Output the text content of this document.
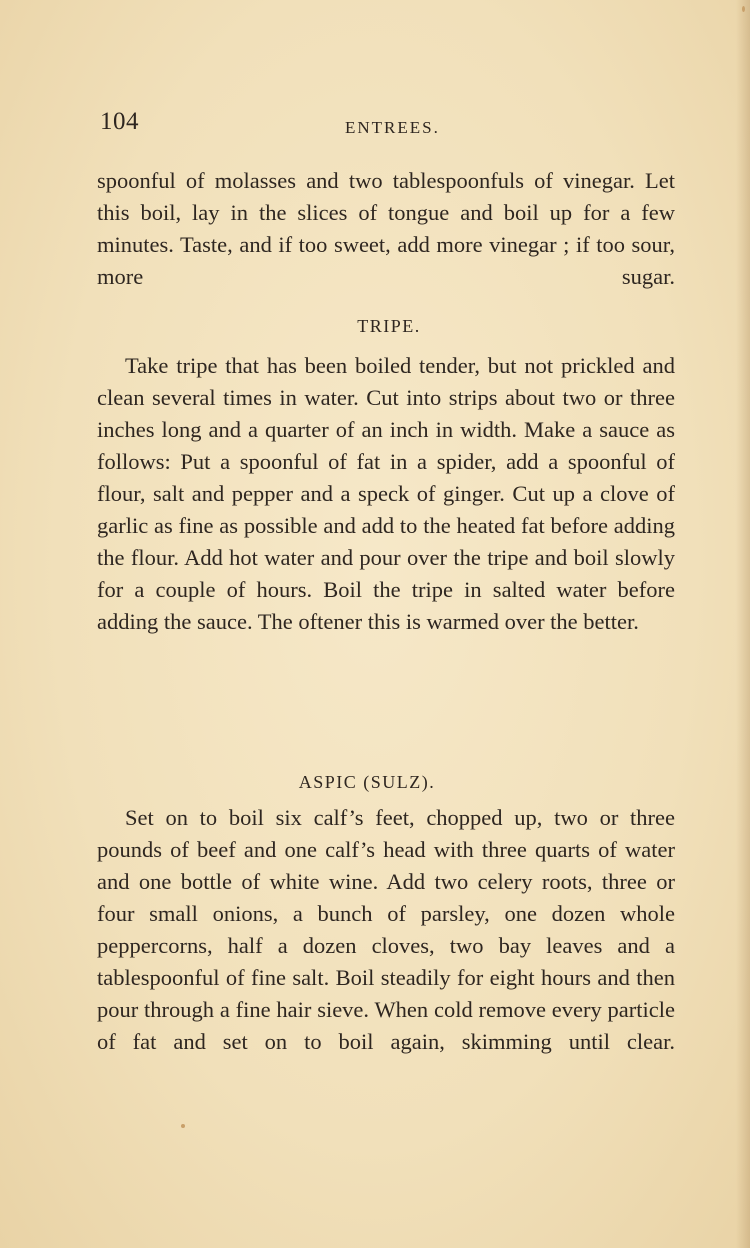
104	ENTREES.

spoonful of molasses and two tablespoonfuls of vinegar. Let this boil, lay in the slices of tongue and boil up for a few minutes. Taste, and if too sweet, add more vinegar ; if too sour, more sugar.

TRIPE.

Take tripe that has been boiled tender, but not prickled and clean several times in water. Cut into strips about two or three inches long and a quarter of an inch in width. Make a sauce as follows: Put a spoonful of fat in a spider, add a spoonful of flour, salt and pepper and a speck of ginger. Cut up a clove of garlic as fine as possible and add to the heated fat before adding the flour. Add hot water and pour over the tripe and boil slowly for a couple of hours. Boil the tripe in salted water before adding the sauce. The oftener this is warmed over the better.

ASPIC (SULZ).

Set on to boil six calf’s feet, chopped up, two or three pounds of beef and one calf’s head with three quarts of water and one bottle of white wine. Add two celery roots, three or four small onions, a bunch of parsley, one dozen whole peppercorns, half a dozen cloves, two bay leaves and a tablespoonful of fine salt. Boil steadily for eight hours and then pour through a fine hair sieve. When cold remove every particle of fat and set on to boil again, skimming until clear.
